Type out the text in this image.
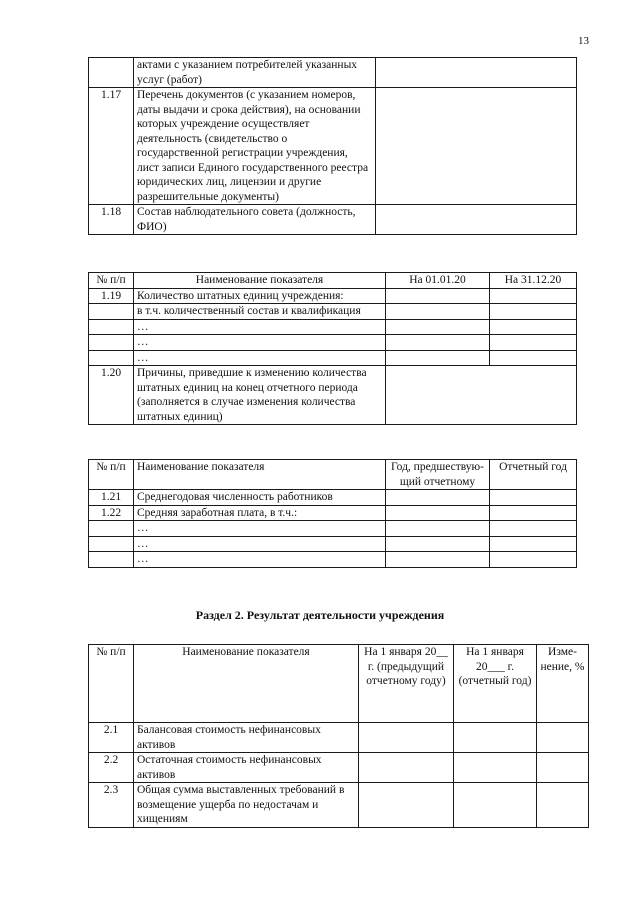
13
	актами с указанием потребителей указанных услуг (работ)	
1.17	Перечень документов (с указанием номеров, даты выдачи и срока действия), на основании которых учреждение осуществляет деятельность (свидетельство о государственной регистрации учреждения, лист записи Единого государственного реестра юридических лиц, лицензии и другие разрешительные документы)	
1.18	Состав наблюдательного совета (должность, ФИО)	
№ п/п	Наименование показателя	На 01.01.20	На 31.12.20
1.19	Количество штатных единиц учреждения:		
	в т.ч. количественный состав и квалификация		
	…		
	…		
	…		
1.20	Причины, приведшие к изменению количества штатных единиц на конец отчетного периода (заполняется в случае изменения количества штатных единиц)		
№ п/п	Наименование показателя	Год, предшествую-щий отчетному	Отчетный год
1.21	Среднегодовая численность работников		
1.22	Средняя заработная плата, в т.ч.:		
	…		
	…		
	…		
Раздел 2. Результат деятельности учреждения
№ п/п	Наименование показателя	На 1 января 20__ г. (предыдущий отчетному году)	На 1 января 20___ г. (отчетный год)	Изме-нение, %
2.1	Балансовая стоимость нефинансовых активов			
2.2	Остаточная стоимость нефинансовых активов			
2.3	Общая сумма выставленных требований в возмещение ущерба по недостачам и хищениям			
